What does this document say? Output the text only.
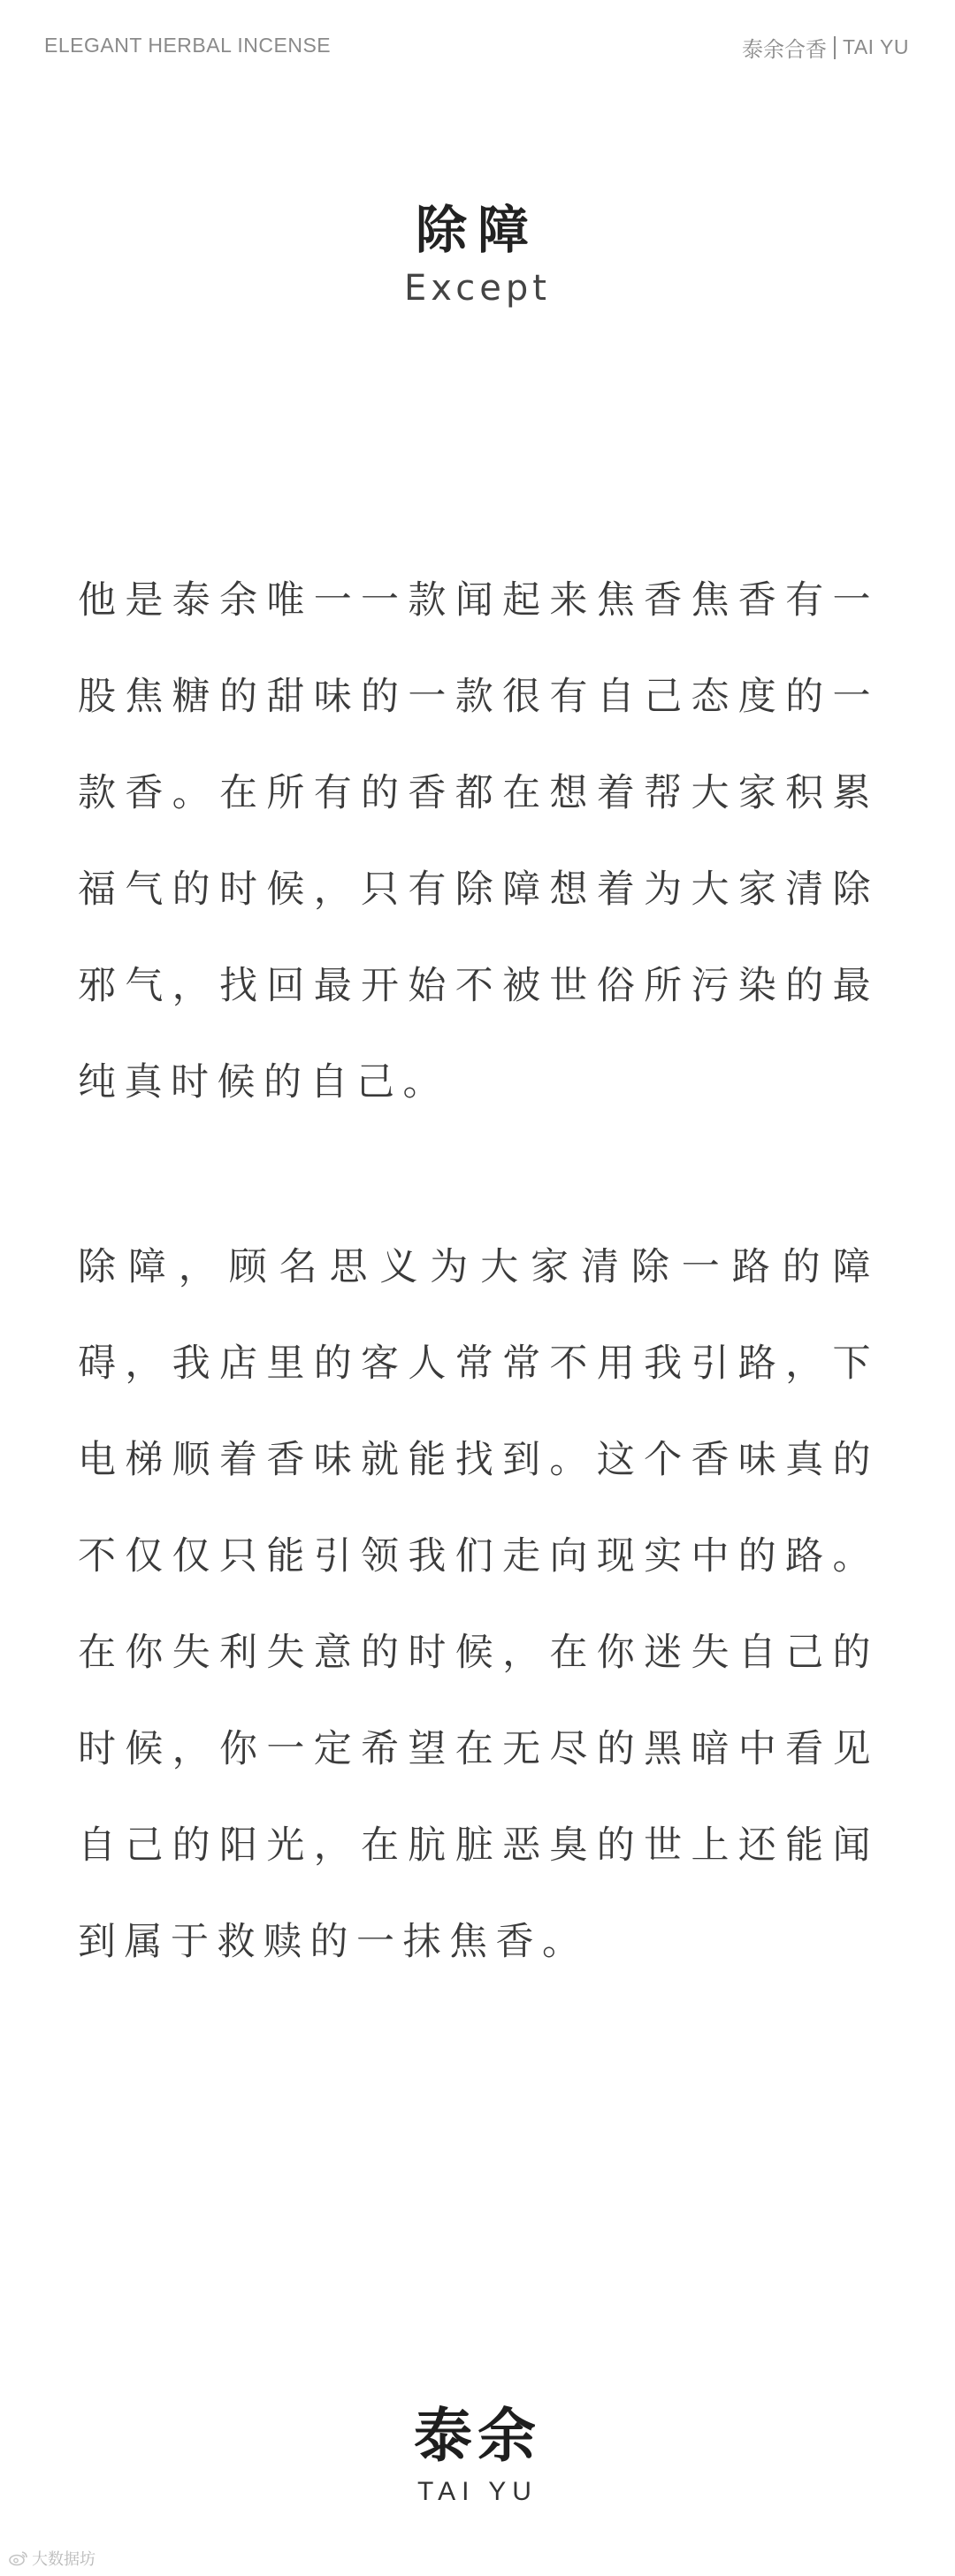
ELEGANT HERBAL INCENSE	泰余合香 TAI YU
除障
Except
他是泰余唯一一款闻起来焦香焦香有一股焦糖的甜味的一款很有自己态度的一款香。在所有的香都在想着帮大家积累福气的时候，只有除障想着为大家清除邪气，找回最开始不被世俗所污染的最纯真时候的自己。
除障，顾名思义为大家清除一路的障碍，我店里的客人常常不用我引路，下电梯顺着香味就能找到。这个香味真的不仅仅只能引领我们走向现实中的路。在你失利失意的时候，在你迷失自己的时候，你一定希望在无尽的黑暗中看见自己的阳光，在肮脏恶臭的世上还能闻到属于救赎的一抹焦香。
泰余
TAI YU
大数据坊
